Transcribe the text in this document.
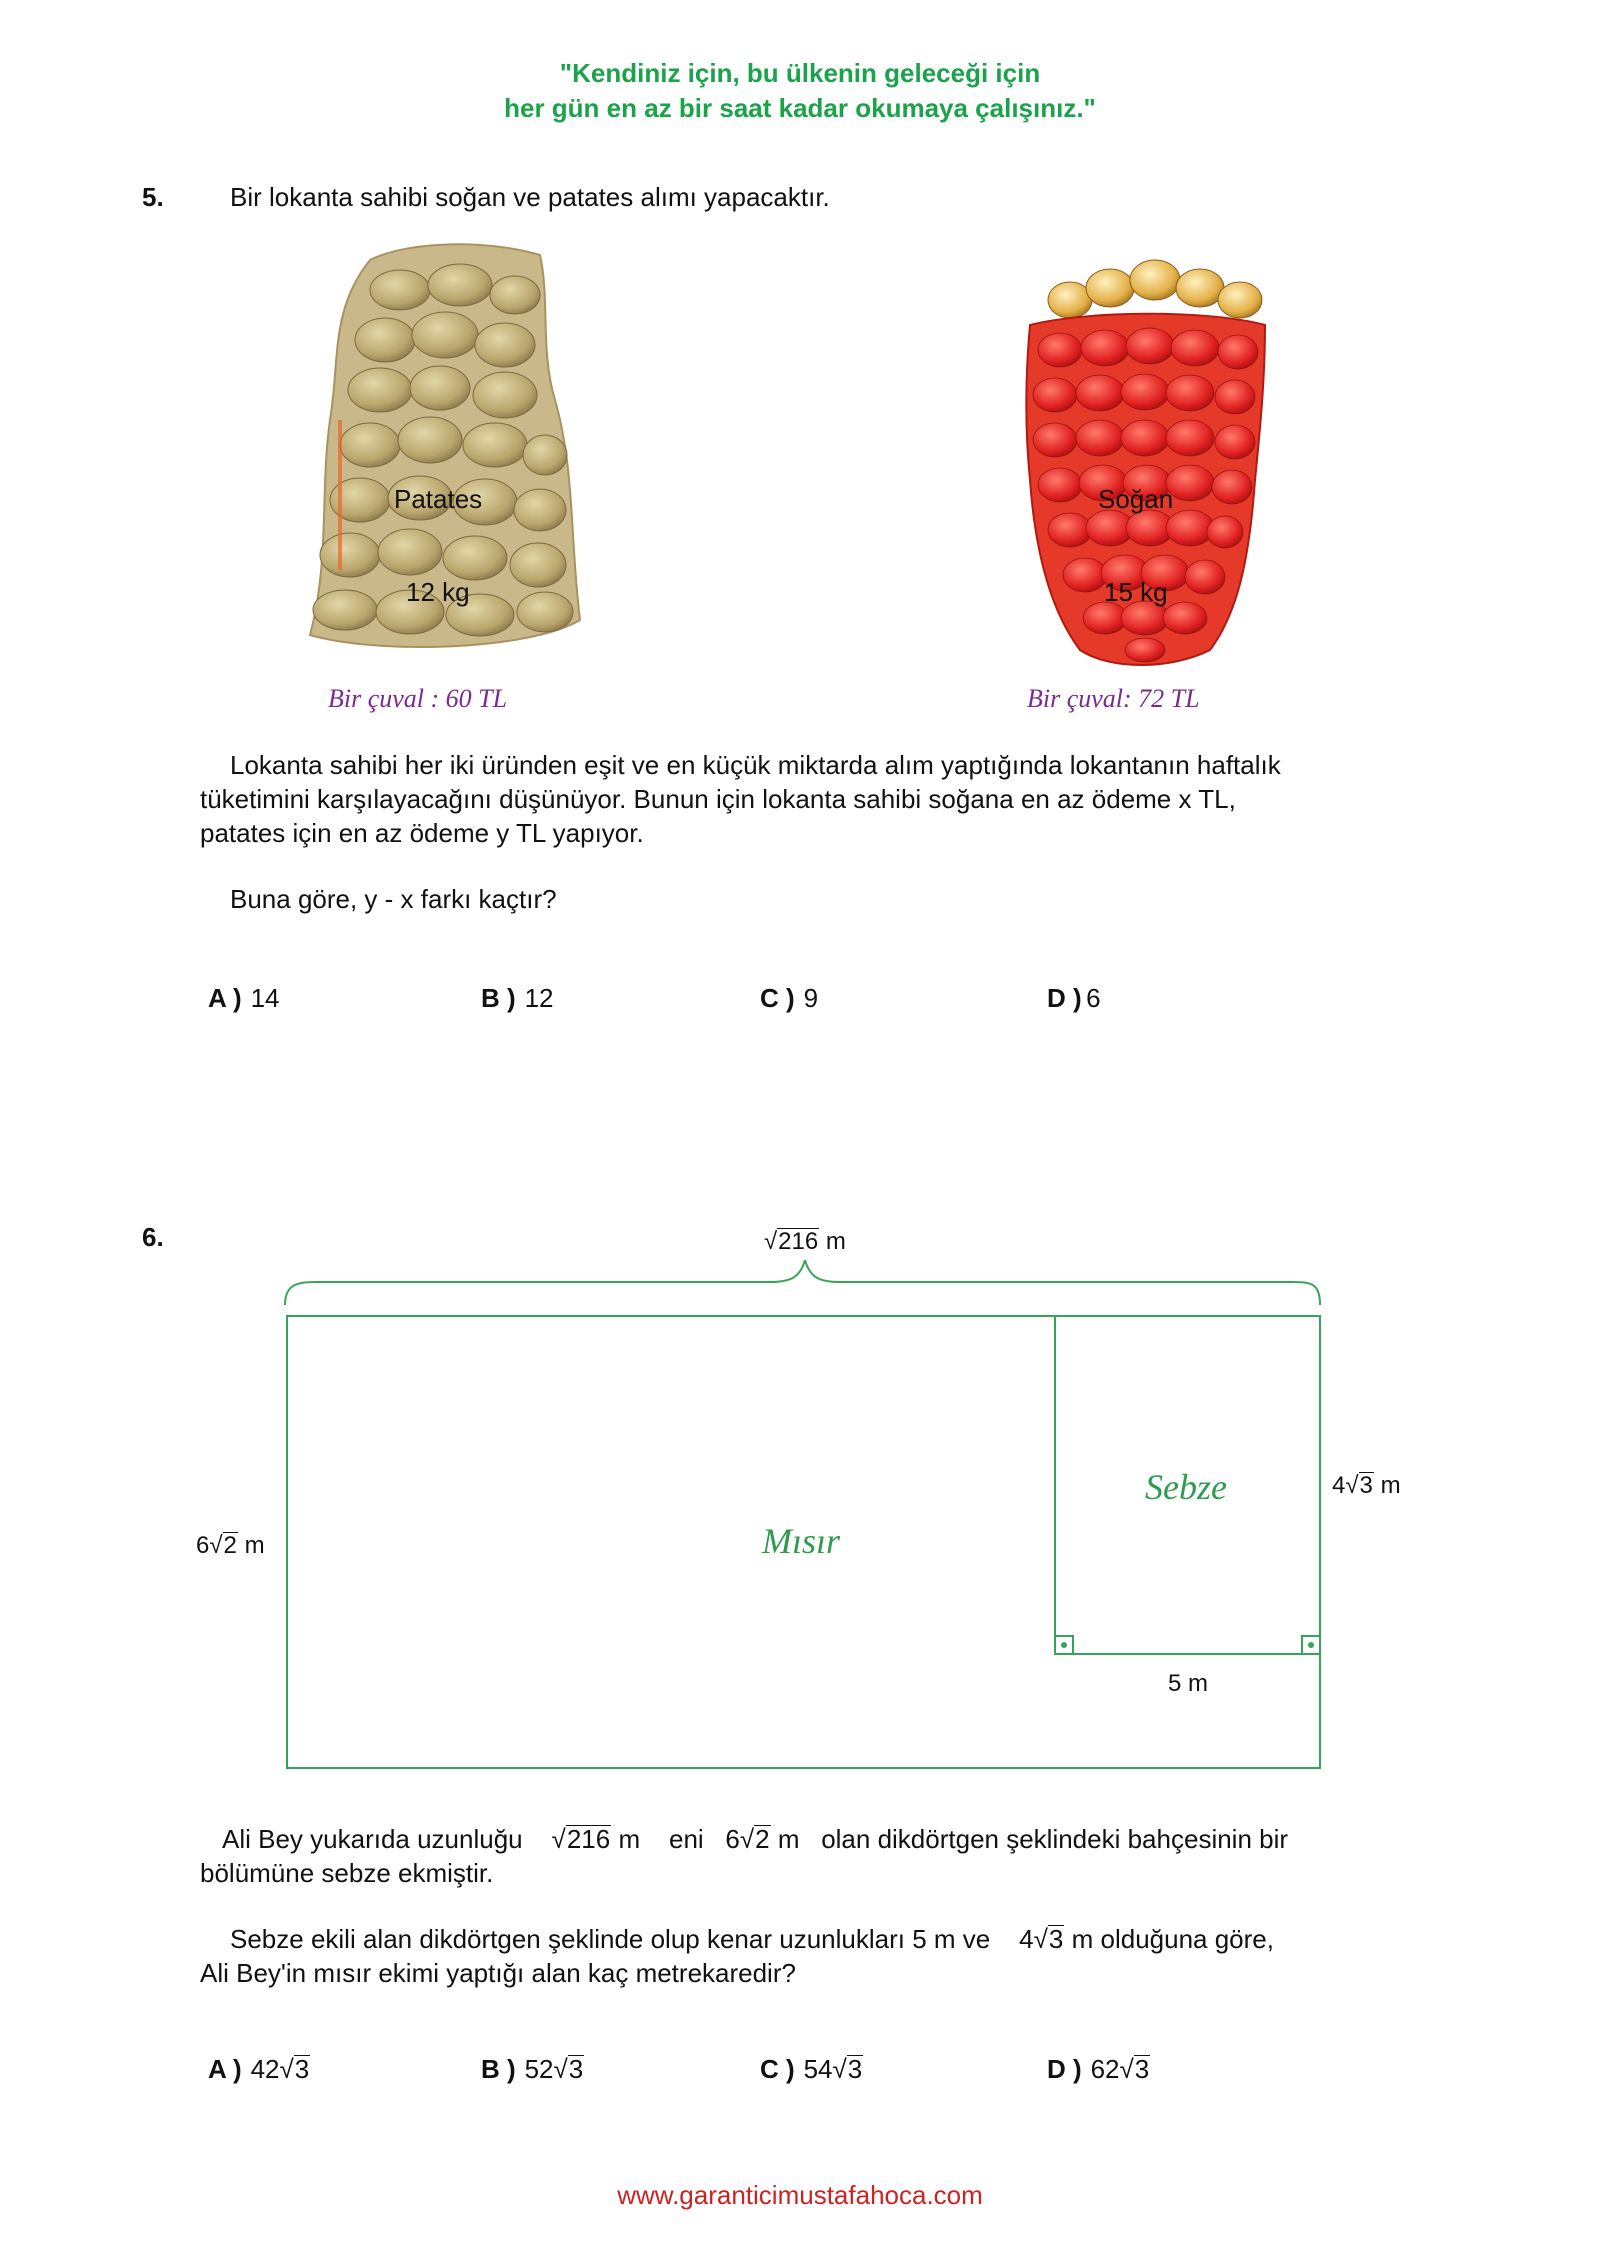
"Kendiniz için, bu ülkenin geleceği için
her gün en az bir saat kadar okumaya çalışınız."
5.	Bir lokanta sahibi soğan ve patates alımı yapacaktır.
Patates
12 kg
Bir çuval : 60 TL
Soğan
15 kg
Bir çuval: 72 TL
Lokanta sahibi her iki üründen eşit ve en küçük miktarda alım yaptığında lokantanın haftalık
tüketimini karşılayacağını düşünüyor. Bunun için lokanta sahibi soğana en az ödeme x TL,
patates için en az ödeme y TL yapıyor.
Buna göre, y - x farkı kaçtır?
A ) 14	B ) 12	C ) 9	D ) 6
6.	√216 m
6√2 m
4√3 m
5 m
Mısır
Sebze
Ali Bey yukarıda uzunluğu √216 m eni 6√2 m olan dikdörtgen şeklindeki bahçesinin bir
bölümüne sebze ekmiştir.
Sebze ekili alan dikdörtgen şeklinde olup kenar uzunlukları 5 m ve 4√3 m olduğuna göre,
Ali Bey'in mısır ekimi yaptığı alan kaç metrekaredir?
A ) 42√3	B ) 52√3	C ) 54√3	D ) 62√3
www.garanticimustafahoca.com
